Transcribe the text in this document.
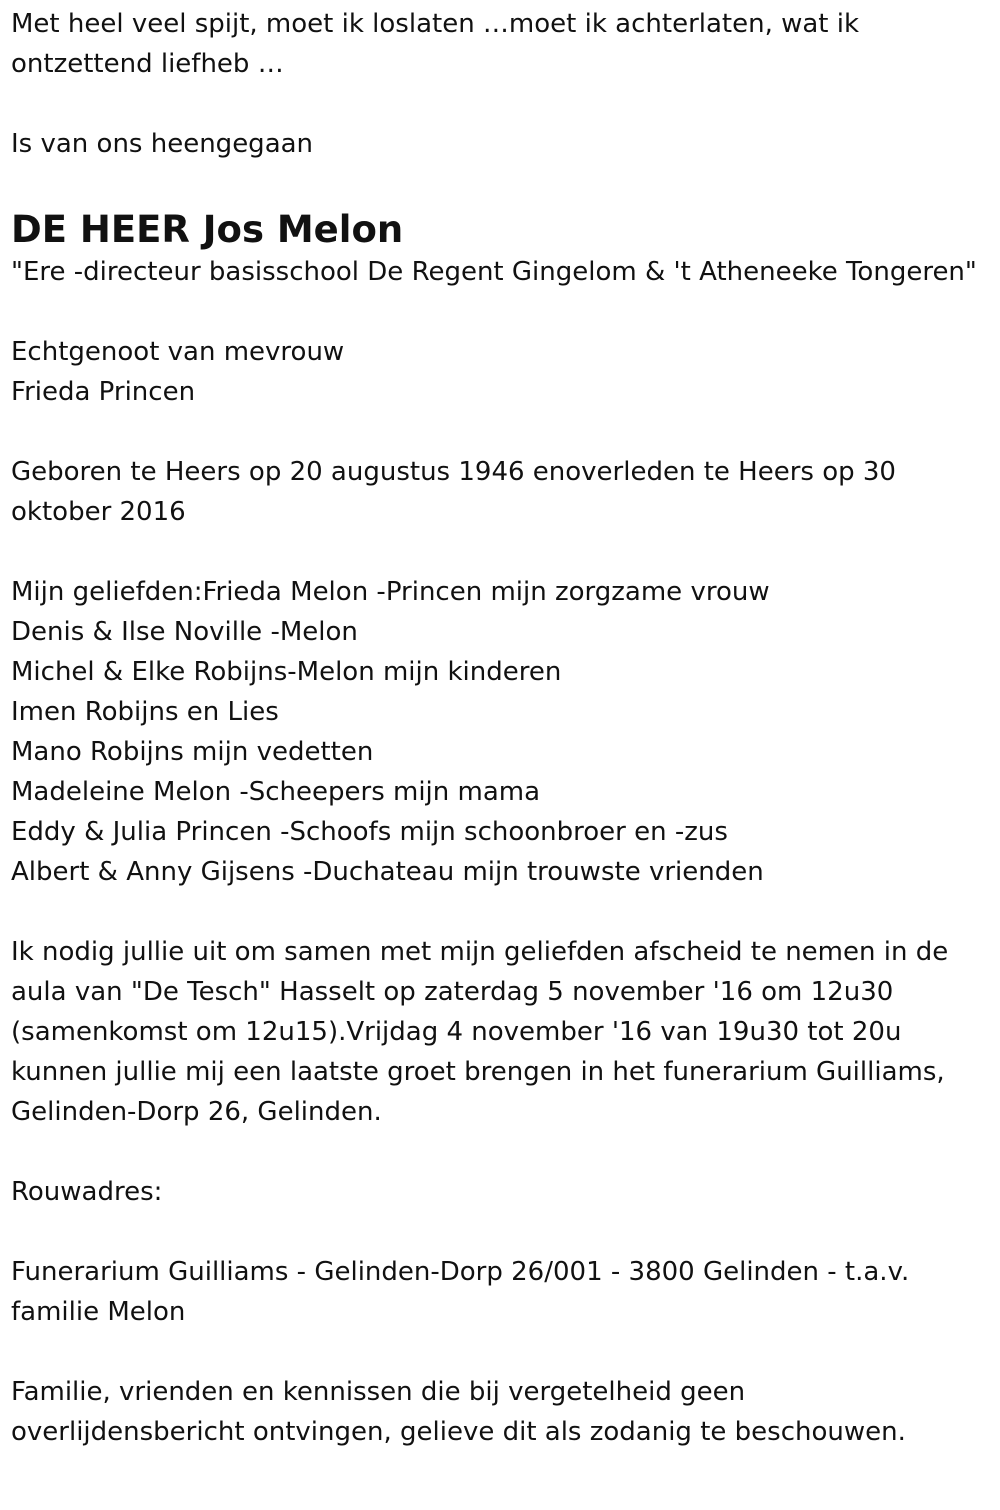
Met heel veel spijt, moet ik loslaten …moet ik achterlaten, wat ik ontzettend liefheb …

Is van ons heengegaan

DE HEER Jos Melon

"Ere -directeur basisschool De Regent Gingelom & 't Atheneeke Tongeren"

Echtgenoot van mevrouw
Frieda Princen

Geboren te Heers op 20 augustus 1946 enoverleden te Heers op 30 oktober 2016

Mijn geliefden:Frieda Melon -Princen mijn zorgzame vrouw
Denis & Ilse Noville -Melon
Michel & Elke Robijns-Melon mijn kinderen
Imen Robijns en Lies
Mano Robijns mijn vedetten
Madeleine Melon -Scheepers mijn mama
Eddy & Julia Princen -Schoofs mijn schoonbroer en -zus
Albert & Anny Gijsens -Duchateau mijn trouwste vrienden

Ik nodig jullie uit om samen met mijn geliefden afscheid te nemen in de aula van "De Tesch" Hasselt op zaterdag 5 november '16 om 12u30 (samenkomst om 12u15).Vrijdag 4 november '16 van 19u30 tot 20u kunnen jullie mij een laatste groet brengen in het funerarium Guilliams, Gelinden-Dorp 26, Gelinden.

Rouwadres:

Funerarium Guilliams - Gelinden-Dorp 26/001 - 3800 Gelinden - t.a.v. familie Melon

Familie, vrienden en kennissen die bij vergetelheid geen overlijdensbericht ontvingen, gelieve dit als zodanig te beschouwen.
